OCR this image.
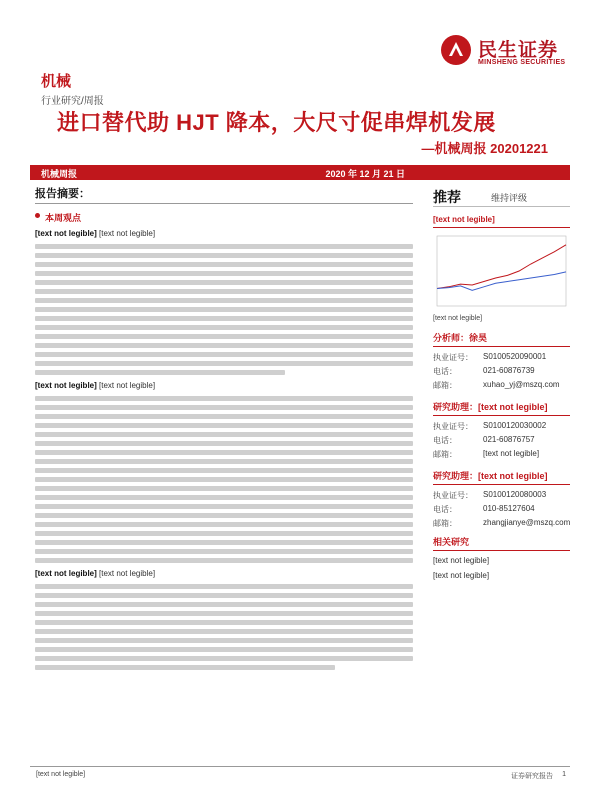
民生证券
MINSHENG SECURITIES
机械
行业研究/周报
进口替代助 HJT 降本，大尺寸促串焊机发展
—机械周报 20201221
机械周报	2020 年 12 月 21 日
报告摘要：
本周观点
[text not legible] [text not legible]
[text not legible] [text not legible]
[text not legible] [text not legible]
推荐	维持评级
[text not legible]
[text not legible]
分析师：徐昊
执业证号： S0100520090001
电话：	021-60876739
邮箱：	xuhao_yj@mszq.com
研究助理：[text not legible]
执业证号： S0100120030002
电话：	021-60876757
邮箱：	[text not legible]
研究助理：[text not legible]
执业证号： S0100120080003
电话：	010-85127604
邮箱：	zhangjianye@mszq.com
相关研究
[text not legible]
[text not legible]
[text not legible]	证券研究报告 1
